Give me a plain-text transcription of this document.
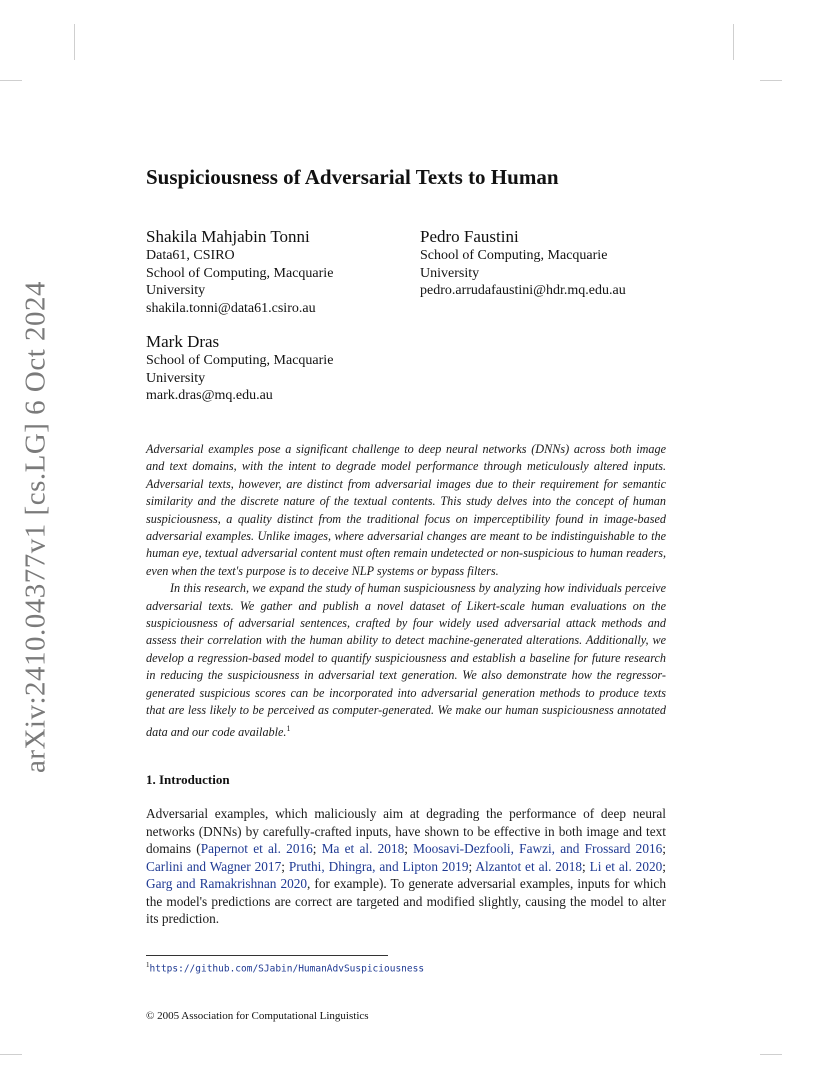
arXiv:2410.04377v1 [cs.LG] 6 Oct 2024
Suspiciousness of Adversarial Texts to Human
Shakila Mahjabin Tonni
Data61, CSIRO
School of Computing, Macquarie
University
shakila.tonni@data61.csiro.au
Pedro Faustini
School of Computing, Macquarie
University
pedro.arrudafaustini@hdr.mq.edu.au
Mark Dras
School of Computing, Macquarie
University
mark.dras@mq.edu.au

Adversarial examples pose a significant challenge to deep neural networks (DNNs) across both image and text domains, with the intent to degrade model performance through meticulously altered inputs. Adversarial texts, however, are distinct from adversarial images due to their requirement for semantic similarity and the discrete nature of the textual contents. This study delves into the concept of human suspiciousness, a quality distinct from the traditional focus on imperceptibility found in image-based adversarial examples. Unlike images, where adversarial changes are meant to be indistinguishable to the human eye, textual adversarial content must often remain undetected or non-suspicious to human readers, even when the text's purpose is to deceive NLP systems or bypass filters.

In this research, we expand the study of human suspiciousness by analyzing how individuals perceive adversarial texts. We gather and publish a novel dataset of Likert-scale human evaluations on the suspiciousness of adversarial sentences, crafted by four widely used adversarial attack methods and assess their correlation with the human ability to detect machine-generated alterations. Additionally, we develop a regression-based model to quantify suspiciousness and establish a baseline for future research in reducing the suspiciousness in adversarial text generation. We also demonstrate how the regressor-generated suspicious scores can be incorporated into adversarial generation methods to produce texts that are less likely to be perceived as computer-generated. We make our human suspiciousness annotated data and our code available.$^1$

1. Introduction
Adversarial examples, which maliciously aim at degrading the performance of deep neural networks (DNNs) by carefully-crafted inputs, have shown to be effective in both image and text domains (Papernot et al. 2016; Ma et al. 2018; Moosavi-Dezfooli, Fawzi, and Frossard 2016; Carlini and Wagner 2017; Pruthi, Dhingra, and Lipton 2019; Alzantot et al. 2018; Li et al. 2020; Garg and Ramakrishnan 2020, for example). To generate adversarial examples, inputs for which the model's predictions are correct are targeted and modified slightly, causing the model to alter its prediction.
$^1$https://github.com/SJabin/HumanAdvSuspiciousness
© 2005 Association for Computational Linguistics
